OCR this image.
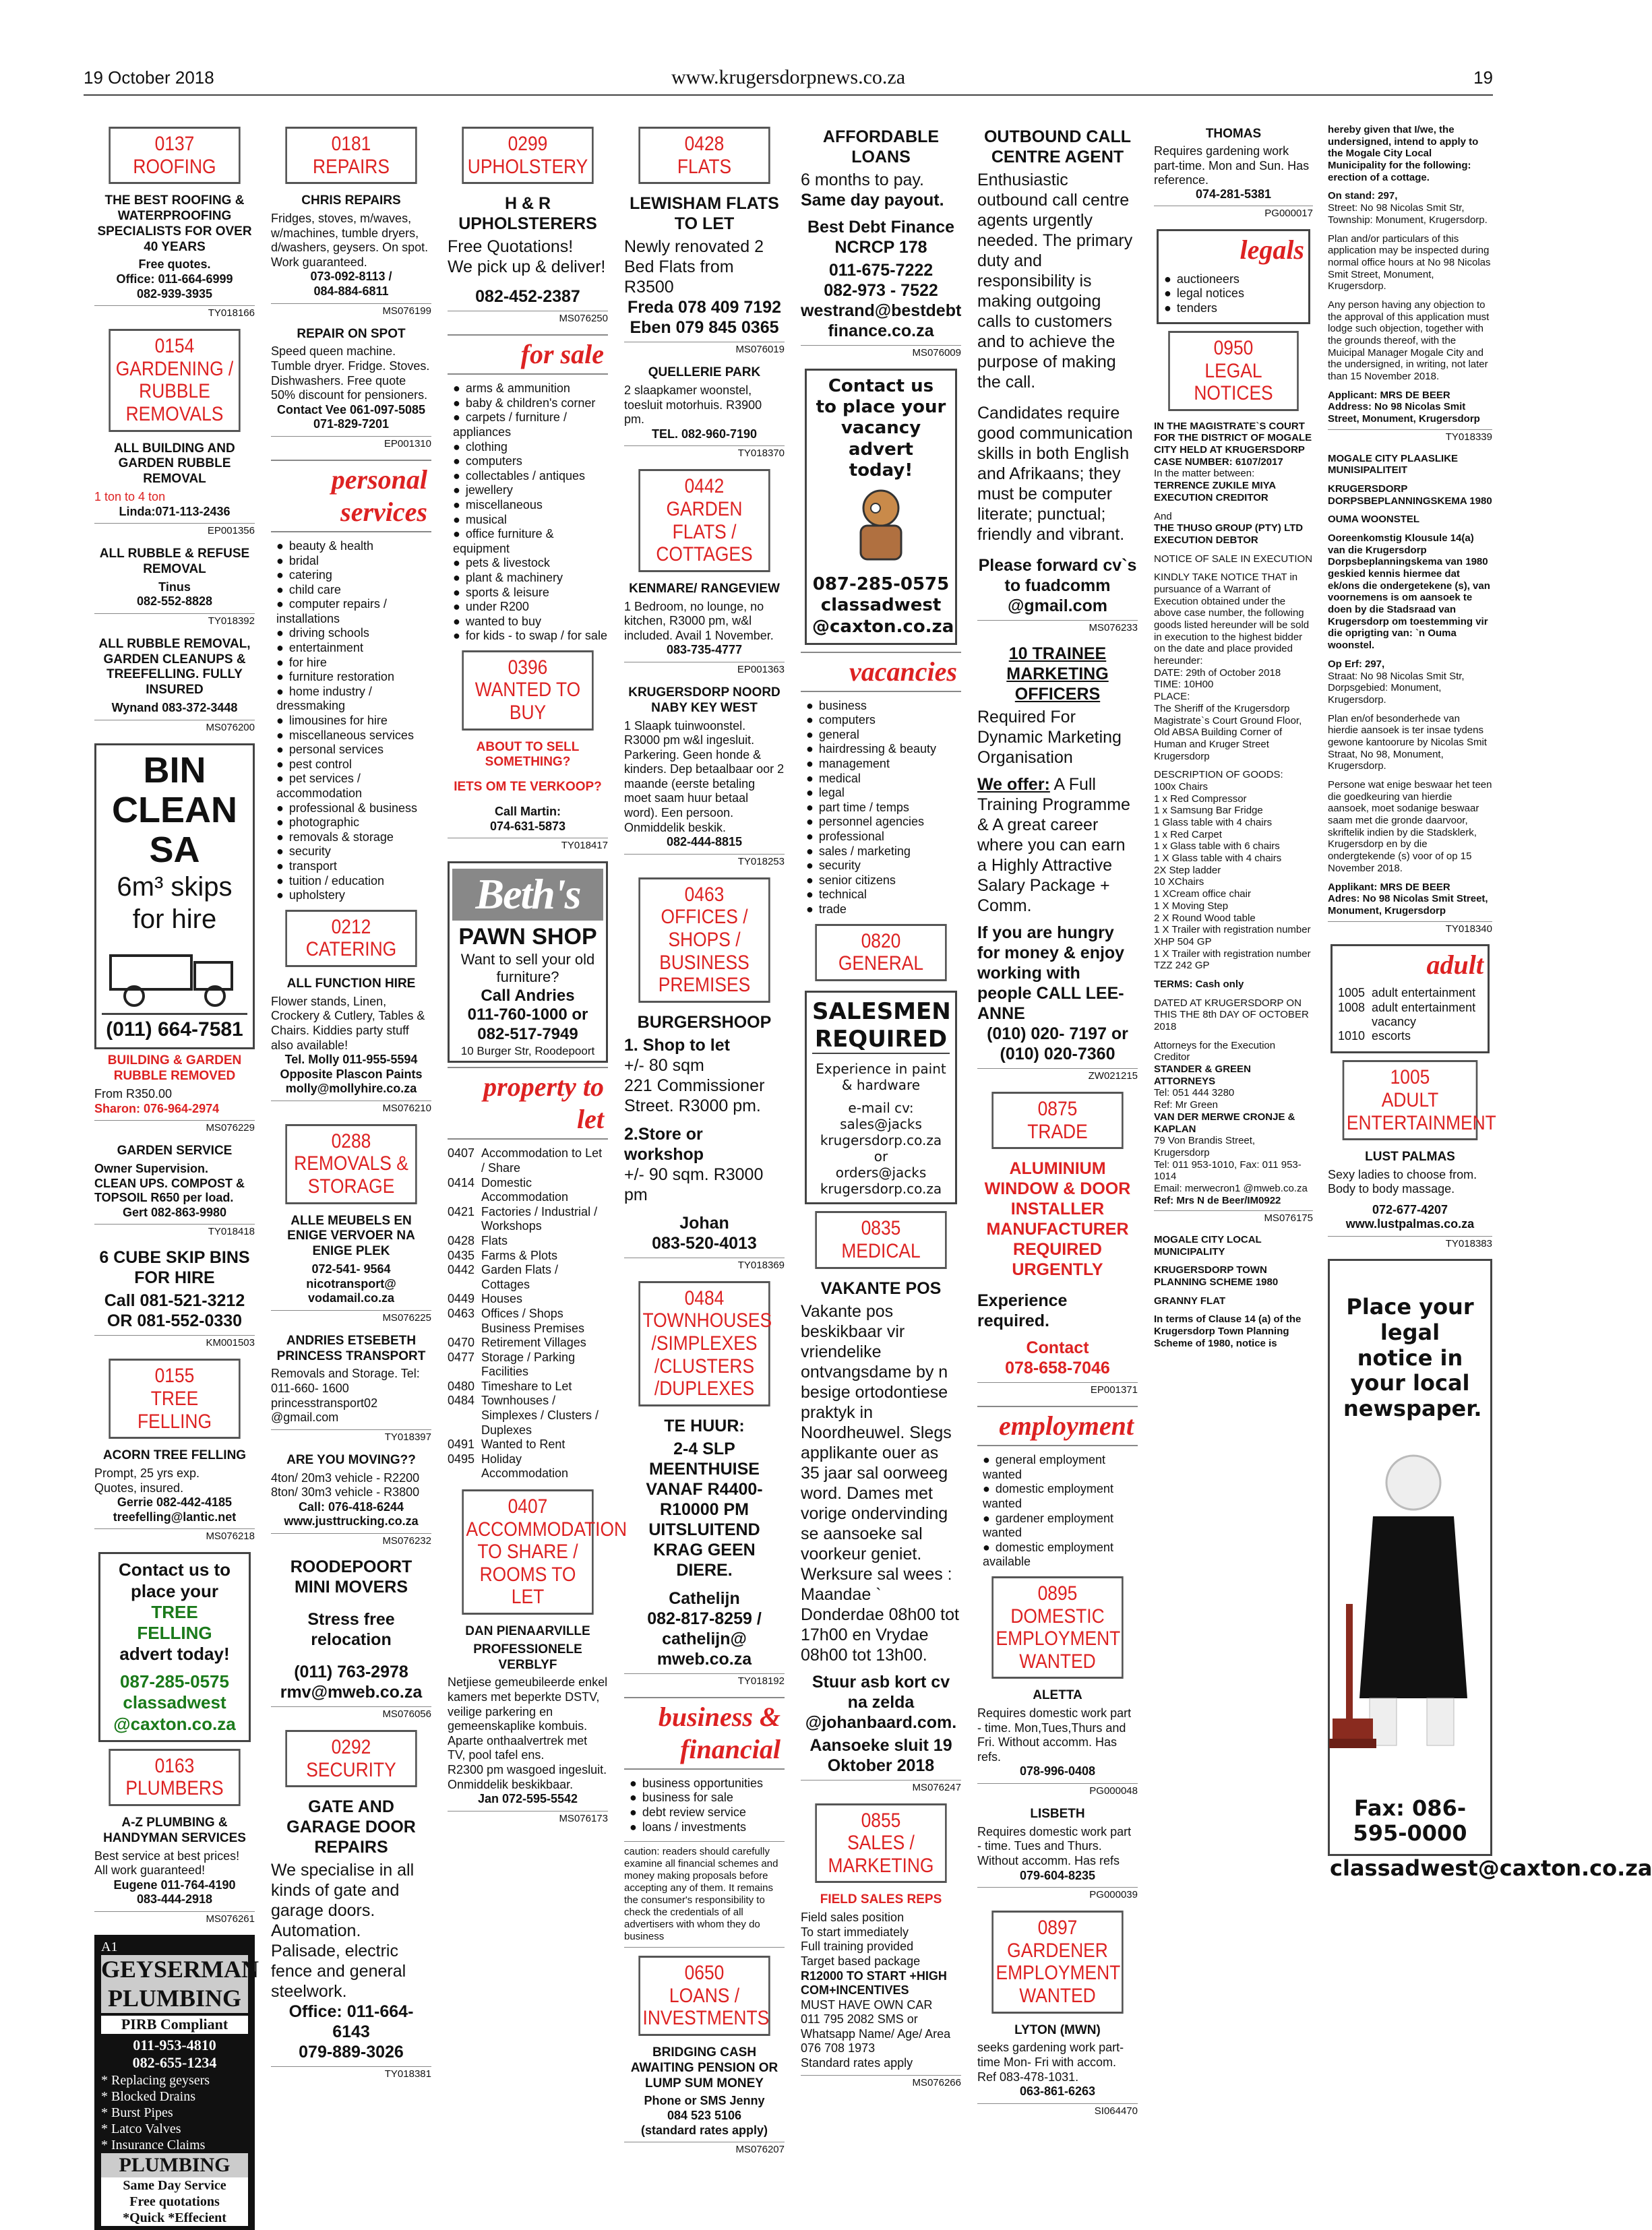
19 October 2018	www.krugersdorpnews.co.za	19
0137
ROOFING
THE BEST ROOFING & WATERPROOFING SPECIALISTS FOR OVER 40 YEARS
Free quotes.
Office: 011-664-6999
082-939-3935
TY018166
0154
GARDENING / RUBBLE REMOVALS
ALL BUILDING AND GARDEN RUBBLE REMOVAL
1 ton to 4 ton
Linda:071-113-2436
EP001356
ALL RUBBLE & REFUSE REMOVAL
Tinus
082-552-8828
TY018392
ALL RUBBLE REMOVAL, GARDEN CLEANUPS & TREEFELLING. FULLY INSURED
Wynand 083-372-3448
MS076200
BIN
CLEAN SA
6m³ skips
for hire
(011) 664-7581
BUILDING & GARDEN RUBBLE REMOVED
From R350.00
Sharon: 076-964-2974
MS076229
GARDEN SERVICE
Owner Supervision.
CLEAN UPS. COMPOST & TOPSOIL R650 per load.
Gert 082-863-9980
TY018418
6 CUBE SKIP BINS FOR HIRE
Call 081-521-3212
OR 081-552-0330
KM001503
0155
TREE FELLING
ACORN TREE FELLING
Prompt, 25 yrs exp.
Quotes, insured.
Gerrie 082-442-4185
treefelling@lantic.net
MS076218
Contact us to
place your
TREE
FELLING
advert today!
087-285-0575
classadwest
@caxton.co.za
0163
PLUMBERS
A-Z PLUMBING & HANDYMAN SERVICES
Best service at best prices!
All work guaranteed!
Eugene 011-764-4190
083-444-2918
MS076261
A1
GEYSERMAN
PLUMBING
PIRB Compliant
011-953-4810
082-655-1234
* Replacing geysers
* Blocked Drains
* Burst Pipes
* Latco Valves
* Insurance Claims
PLUMBING
Same Day Service
Free quotations
*Quick *Effecient
0181
REPAIRS
CHRIS REPAIRS
Fridges, stoves, m/waves, w/machines, tumble dryers, d/washers, geysers. On spot. Work guaranteed.
073-092-8113 /
084-884-6811
MS076199
REPAIR ON SPOT
Speed queen machine. Tumble dryer. Fridge. Stoves. Dishwashers. Free quote 50% discount for pensioners.
Contact Vee 061-097-5085
071-829-7201
EP001310
personal services
● beauty & health
● bridal
● catering
● child care
● computer repairs / installations
● driving schools
● entertainment
● for hire
● furniture restoration
● home industry / dressmaking
● limousines for hire
● miscellaneous services
● personal services
● pest control
● pet services / accommodation
● professional & business
● photographic
● removals & storage
● security
● transport
● tuition / education
● upholstery
0212
CATERING
ALL FUNCTION HIRE
Flower stands, Linen, Crockery & Cutlery, Tables & Chairs. Kiddies party stuff also available!
Tel. Molly 011-955-5594
Opposite Plascon Paints
molly@mollyhire.co.za
MS076210
0288
REMOVALS & STORAGE
ALLE MEUBELS EN ENIGE VERVOER NA ENIGE PLEK
072-541- 9564
nicotransport@ vodamail.co.za
MS076225
ANDRIES ETSEBETH PRINCESS TRANSPORT
Removals and Storage. Tel: 011-660- 1600
princesstransport02 @gmail.com
TY018397
ARE YOU MOVING??
4ton/ 20m3 vehicle - R2200
8ton/ 30m3 vehicle - R3800
Call: 076-418-6244
www.justtrucking.co.za
MS076232
ROODEPOORT MINI MOVERS
Stress free relocation
(011) 763-2978
rmv@mweb.co.za
MS076056
0292
SECURITY
GATE AND GARAGE DOOR REPAIRS
We specialise in all kinds of gate and garage doors. Automation. Palisade, electric fence and general steelwork.
Office: 011-664-6143
079-889-3026
TY018381
0299
UPHOLSTERY
H & R UPHOLSTERERS
Free Quotations!
We pick up & deliver!
082-452-2387
MS076250
for sale
● arms & ammunition
● baby & children's corner
● carpets / furniture / appliances
● clothing
● computers
● collectables / antiques
● jewellery
● miscellaneous
● musical
● office furniture & equipment
● pets & livestock
● plant & machinery
● sports & leisure
● under R200
● wanted to buy
● for kids - to swap / for sale
0396
WANTED TO BUY
ABOUT TO SELL SOMETHING?
IETS OM TE VERKOOP?
Call Martin:
074-631-5873
TY018417
Beth's
PAWN SHOP
Want to sell your old furniture?
Call Andries
011-760-1000 or
082-517-7949
10 Burger Str, Roodepoort
property to let
0407 Accommodation to Let / Share
0414 Domestic Accommodation
0421 Factories / Industrial / Workshops
0428 Flats
0435 Farms & Plots
0442 Garden Flats / Cottages
0449 Houses
0463 Offices / Shops Business Premises
0470 Retirement Villages
0477 Storage / Parking Facilities
0480 Timeshare to Let
0484 Townhouses / Simplexes / Clusters / Duplexes
0491 Wanted to Rent
0495 Holiday Accommodation
0407
ACCOMMODATION TO SHARE / ROOMS TO LET
DAN PIENAARVILLE
PROFESSIONELE VERBLYF
Netjiese gemeubileerde enkel kamers met beperkte DSTV, veilige parkering en gemeenskaplike kombuis. Aparte onthaalvertrek met TV, pool tafel ens.
R2300 pm wasgoed ingesluit. Onmiddelik beskikbaar.
Jan 072-595-5542
MS076173
0428
FLATS
LEWISHAM FLATS TO LET
Newly renovated 2 Bed Flats from R3500
Freda 078 409 7192
Eben 079 845 0365
MS076019
QUELLERIE PARK
2 slaapkamer woonstel, toesluit motorhuis. R3900 pm.
TEL. 082-960-7190
TY018370
0442
GARDEN FLATS / COTTAGES
KENMARE/ RANGEVIEW
1 Bedroom, no lounge, no kitchen, R3000 pm, w&l included. Avail 1 November.
083-735-4777
EP001363
KRUGERSDORP NOORD NABY KEY WEST
1 Slaapk tuinwoonstel. R3000 pm w&l ingesluit. Parkering. Geen honde & kinders. Dep betaalbaar oor 2 maande (eerste betaling moet saam huur betaal word). Een persoon. Onmiddelik beskik.
082-444-8815
TY018253
0463
OFFICES / SHOPS / BUSINESS PREMISES
BURGERSHOOP
1. Shop to let
+/- 80 sqm
221 Commissioner Street. R3000 pm.
2.Store or workshop
+/- 90 sqm. R3000 pm
Johan
083-520-4013
TY018369
0484
TOWNHOUSES /SIMPLEXES /CLUSTERS /DUPLEXES
TE HUUR:
2-4 SLP MEENTHUISE VANAF R4400- R10000 PM UITSLUITEND KRAG GEEN DIERE.
Cathelijn
082-817-8259 /
cathelijn@ mweb.co.za
TY018192
business & financial
● business opportunities
● business for sale
● debt review service
● loans / investments
caution: readers should carefully examine all financial schemes and money making proposals before accepting any of them. It remains the consumer's responsibility to check the credentials of all advertisers with whom they do business
0650
LOANS / INVESTMENTS
BRIDGING CASH AWAITING PENSION OR LUMP SUM MONEY
Phone or SMS Jenny
084 523 5106
(standard rates apply)
MS076207
AFFORDABLE LOANS
6 months to pay.
Same day payout.
Best Debt Finance NCRCP 178
011-675-7222
082-973 - 7522
westrand@bestdebt finance.co.za
MS076009
Contact us
to place your
vacancy advert
today!
087-285-0575
classadwest
@caxton.co.za
vacancies
● business
● computers
● general
● hairdressing & beauty
● management
● medical
● legal
● part time / temps
● personnel agencies
● professional
● sales / marketing
● security
● senior citizens
● technical
● trade
0820
GENERAL
SALESMEN REQUIRED
Experience in paint & hardware
e-mail cv:
sales@jacks krugersdorp.co.za
or
orders@jacks krugersdorp.co.za
0835
MEDICAL
VAKANTE POS
Vakante pos beskikbaar vir vriendelike ontvangsdame by n besige ortodontiese praktyk in Noordheuwel. Slegs applikante ouer as 35 jaar sal oorweeg word. Dames met vorige ondervinding se aansoeke sal voorkeur geniet. Werksure sal wees : Maandae ` Donderdae 08h00 tot 17h00 en Vrydae 08h00 tot 13h00.
Stuur asb kort cv na zelda @johanbaard.com.
Aansoeke sluit 19 Oktober 2018
MS076247
0855
SALES / MARKETING
FIELD SALES REPS
Field sales position
To start immediately
Full training provided
Target based package
R12000 TO START +HIGH COM+INCENTIVES
MUST HAVE OWN CAR
011 795 2082 SMS or Whatsapp Name/ Age/ Area 076 708 1973
Standard rates apply
MS076266
OUTBOUND CALL CENTRE AGENT
Enthusiastic outbound call centre agents urgently needed. The primary duty and responsibility is making outgoing calls to customers and to achieve the purpose of making the call.
Candidates require good communication skills in both English and Afrikaans; they must be computer literate; punctual; friendly and vibrant.
Please forward cv`s to fuadcomm @gmail.com
MS076233
10 TRAINEE MARKETING OFFICERS
Required For Dynamic Marketing Organisation
We offer: A Full Training Programme & A great career where you can earn a Highly Attractive Salary Package + Comm.
If you are hungry for money & enjoy working with people CALL LEE-ANNE
(010) 020- 7197 or
(010) 020-7360
ZW021215
0875
TRADE
ALUMINIUM WINDOW & DOOR INSTALLER MANUFACTURER REQUIRED URGENTLY
Experience required.
Contact
078-658-7046
EP001371
employment
● general employment wanted
● domestic employment wanted
● gardener employment wanted
● domestic employment available
0895
DOMESTIC EMPLOYMENT WANTED
ALETTA
Requires domestic work part - time. Mon,Tues,Thurs and Fri. Without accomm. Has refs.
078-996-0408
PG000048
LISBETH
Requires domestic work part - time. Tues and Thurs. Without accomm. Has refs
079-604-8235
PG000039
0897
GARDENER EMPLOYMENT WANTED
LYTON (MWN)
seeks gardening work part-time Mon- Fri with accom.
Ref 083-478-1031.
063-861-6263
SI064470
THOMAS
Requires gardening work part-time. Mon and Sun. Has reference.
074-281-5381
PG000017
legals
● auctioneers
● legal notices
● tenders
0950
LEGAL NOTICES
IN THE MAGISTRATE`S COURT FOR THE DISTRICT OF MOGALE CITY HELD AT KRUGERSDORP
CASE NUMBER: 6107/2017
In the matter between:
TERRENCE ZUKILE MIYA
EXECUTION CREDITOR
And
THE THUSO GROUP (PTY) LTD
EXECUTION DEBTOR
NOTICE OF SALE IN EXECUTION
KINDLY TAKE NOTICE THAT in pursuance of a Warrant of Execution obtained under the above case number, the following goods listed hereunder will be sold in execution to the highest bidder on the date and place provided hereunder:
DATE: 29th of October 2018
TIME: 10H00
PLACE:
The Sheriff of the Krugersdorp Magistrate`s Court Ground Floor, Old ABSA Building Corner of Human and Kruger Street Krugersdorp
DESCRIPTION OF GOODS:
100x Chairs
1 x Red Compressor
1 x Samsung Bar Fridge
1 Glass table with 4 chairs
1 x Red Carpet
1 x Glass table with 6 chairs
1 X Glass table with 4 chairs
2X Step ladder
10 XChairs
1 XCream office chair
1 X Moving Step
2 X Round Wood table
1 X Trailer with registration number XHP 504 GP
1 X Trailer with registration number TZZ 242 GP
TERMS: Cash only
DATED AT KRUGERSDORP ON THIS THE 8th DAY OF OCTOBER 2018
Attorneys for the Execution Creditor
STANDER & GREEN ATTORNEYS
Tel: 051 444 3280
Ref: Mr Green
VAN DER MERWE CRONJE & KAPLAN
79 Von Brandis Street, Krugersdorp
Tel: 011 953-1010, Fax: 011 953-1014
Email: merwecron1 @mweb.co.za
Ref: Mrs N de Beer/IM0922
MS076175
MOGALE CITY LOCAL MUNICIPALITY
KRUGERSDORP TOWN PLANNING SCHEME 1980
GRANNY FLAT
In terms of Clause 14 (a) of the Krugersdorp Town Planning Scheme of 1980, notice is
hereby given that I/we, the undersigned, intend to apply to the Mogale City Local Municipality for the following: erection of a cottage.
On stand: 297,
Street: No 98 Nicolas Smit Str, Township: Monument, Krugersdorp.
Plan and/or particulars of this application may be inspected during normal office hours at No 98 Nicolas Smit Street, Monument, Krugersdorp.
Any person having any objection to the approval of this application must lodge such objection, together with the grounds thereof, with the Muicipal Manager Mogale City and the undersigned, in writing, not later than 15 November 2018.
Applicant: MRS DE BEER
Address: No 98 Nicolas Smit Street, Monument, Krugersdorp
TY018339
MOGALE CITY PLAASLIKE MUNISIPALITEIT
KRUGERSDORP DORPSBEPLANNINGSKEMA 1980
OUMA WOONSTEL
Ooreenkomstig Klousule 14(a) van die Krugersdorp Dorpsbeplanningskema van 1980 geskied kennis hiermee dat ek/ons die ondergetekene (s), van voornemens is om aansoek te doen by die Stadsraad van Krugersdorp om toestemming vir die oprigting van: `n Ouma woonstel.
Op Erf: 297,
Straat: No 98 Nicolas Smit Str, Dorpsgebied: Monument, Krugersdorp.
Plan en/of besonderhede van hierdie aansoek is ter insae tydens gewone kantoorure by Nicolas Smit Straat, No 98, Monument, Krugersdorp.
Persone wat enige beswaar het teen die goedkeuring van hierdie aansoek, moet sodanige beswaar saam met die gronde daarvoor, skriftelik indien by die Stadsklerk, Krugersdorp en by die ondergtekende (s) voor of op 15 November 2018.
Applikant: MRS DE BEER
Adres: No 98 Nicolas Smit Street, Monument, Krugersdorp
TY018340
adult
1005 adult entertainment
1008 adult entertainment vacancy
1010 escorts
1005
ADULT ENTERTAINMENT
LUST PALMAS
Sexy ladies to choose from. Body to body massage.
072-677-4207
www.lustpalmas.co.za
TY018383
Place your legal notice in your local newspaper.
Fax: 086-595-0000
classadwest@caxton.co.za
